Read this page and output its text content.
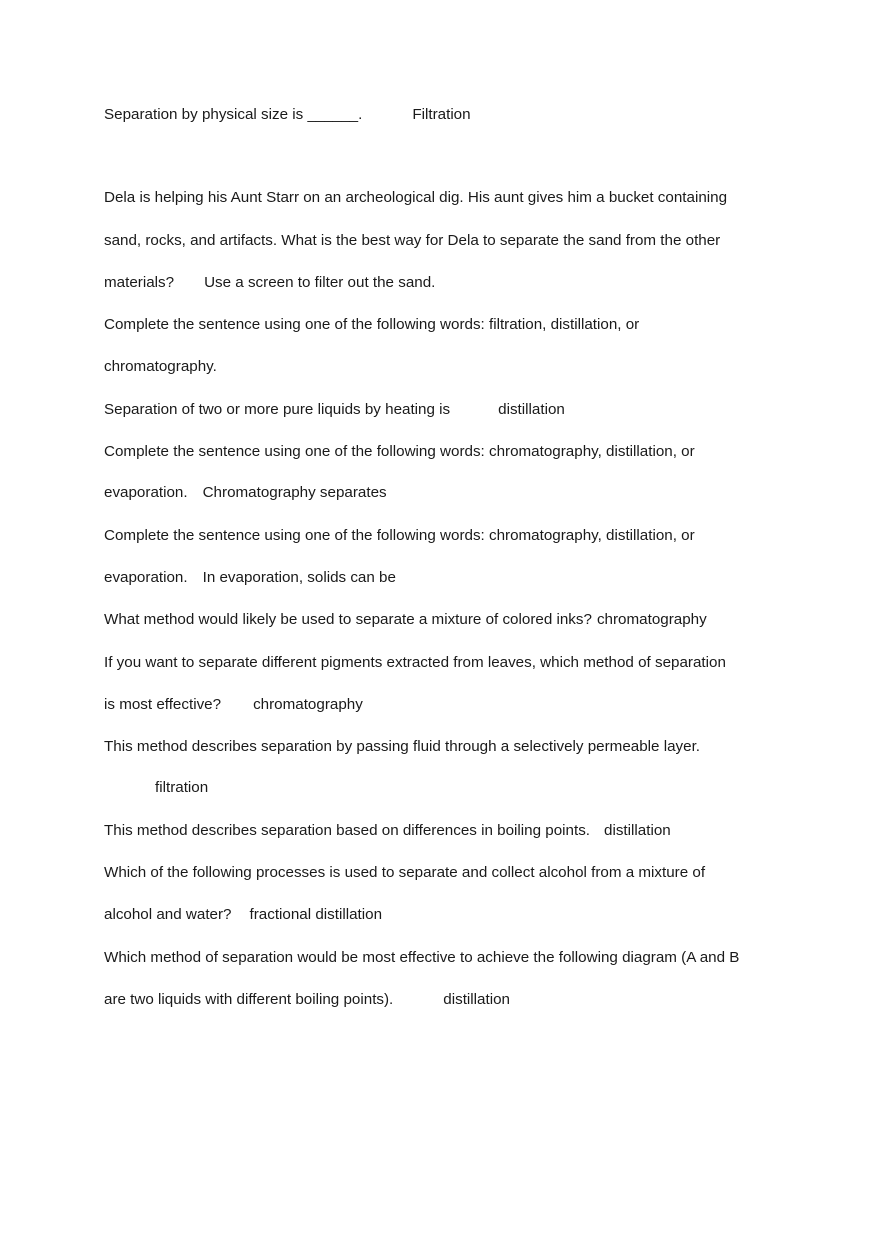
Separation by physical size is ______.	Filtration
Dela is helping his Aunt Starr on an archeological dig. His aunt gives him a bucket containing
sand, rocks, and artifacts. What is the best way for Dela to separate the sand from the other
materials? Use a screen to filter out the sand.
Complete the sentence using one of the following words: filtration, distillation, or
chromatography.
Separation of two or more pure liquids by heating is	distillation
Complete the sentence using one of the following words: chromatography, distillation, or
evaporation. Chromatography separates
Complete the sentence using one of the following words: chromatography, distillation, or
evaporation. In evaporation, solids can be
What method would likely be used to separate a mixture of colored inks? chromatography
If you want to separate different pigments extracted from leaves, which method of separation
is most effective? chromatography
This method describes separation by passing fluid through a selectively permeable layer.
filtration
This method describes separation based on differences in boiling points. distillation
Which of the following processes is used to separate and collect alcohol from a mixture of
alcohol and water? fractional distillation
Which method of separation would be most effective to achieve the following diagram (A and B
are two liquids with different boiling points).	distillation
